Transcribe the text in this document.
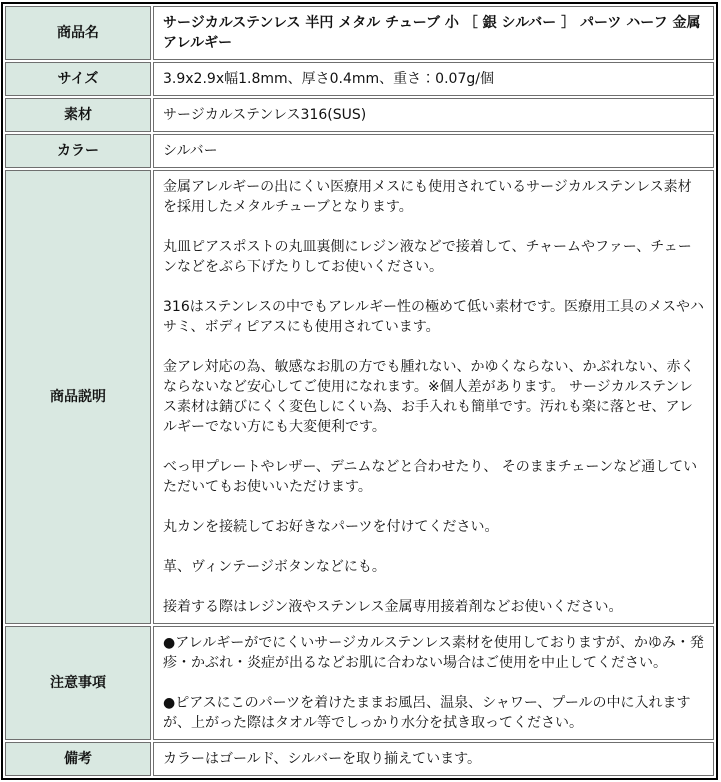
商品名	サージカルステンレス 半円 メタル チューブ 小 ［ 銀 シルバー ］ パーツ ハーフ 金属アレルギー
サイズ	3.9x2.9x幅1.8mm、厚さ0.4mm、重さ：0.07g/個
素材	サージカルステンレス316(SUS)
カラー	シルバー
商品説明	

金属アレルギーの出にくい医療用メスにも使用されているサージカルステンレス素材を採用したメタルチューブとなります。

丸皿ピアスポストの丸皿裏側にレジン液などで接着して、チャームやファー、チェーンなどをぶら下げたりしてお使いください。

316はステンレスの中でもアレルギー性の極めて低い素材です。医療用工具のメスやハサミ、ボディピアスにも使用されています。

金アレ対応の為、敏感なお肌の方でも腫れない、かゆくならない、かぶれない、赤くならないなど安心してご使用になれます。※個人差があります。 サージカルステンレス素材は錆びにくく変色しにくい為、お手入れも簡単です。汚れも楽に落とせ、アレルギーでない方にも大変便利です。

べっ甲プレートやレザー、デニムなどと合わせたり、 そのままチェーンなど通していただいてもお使いいただけます。

丸カンを接続してお好きなパーツを付けてください。

革、ヴィンテージボタンなどにも。

接着する際はレジン液やステンレス金属専用接着剤などお使いください。

注意事項	●アレルギーがでにくいサージカルステンレス素材を使用しておりますが、かゆみ・発疹・かぶれ・炎症が出るなどお肌に合わない場合はご使用を中止してください。

●ピアスにこのパーツを着けたままお風呂、温泉、シャワー、プールの中に入れますが、上がった際はタオル等でしっかり水分を拭き取ってください。

備考	カラーはゴールド、シルバーを取り揃えています。
